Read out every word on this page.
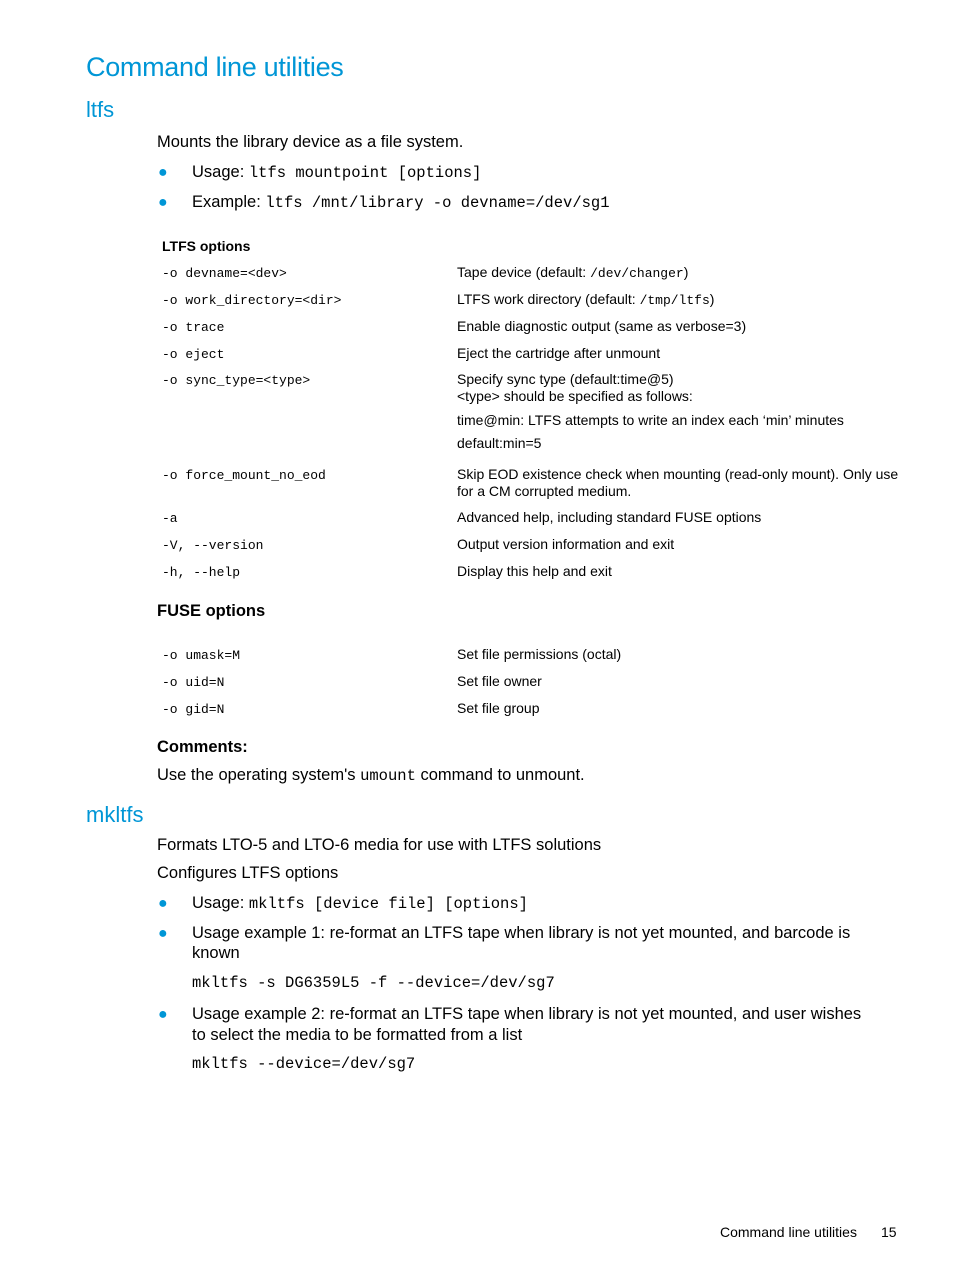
Command line utilities
ltfs
Mounts the library device as a file system.
● Usage: ltfs mountpoint [options]
● Example: ltfs /mnt/library -o devname=/dev/sg1
LTFS options
-o devname=<dev>	Tape device (default: /dev/changer)
-o work_directory=<dir>	LTFS work directory (default: /tmp/ltfs)
-o trace	Enable diagnostic output (same as verbose=3)
-o eject	Eject the cartridge after unmount
-o sync_type=<type>	Specify sync type (default:time@5)
<type> should be specified as follows:
time@min: LTFS attempts to write an index each ‘min’ minutes
default:min=5
-o force_mount_no_eod	Skip EOD existence check when mounting (read-only mount). Only use
for a CM corrupted medium.
-a	Advanced help, including standard FUSE options
-V, --version	Output version information and exit
-h, --help	Display this help and exit
FUSE options
-o umask=M	Set file permissions (octal)
-o uid=N	Set file owner
-o gid=N	Set file group
Comments:
Use the operating system's umount command to unmount.
mkltfs
Formats LTO-5 and LTO-6 media for use with LTFS solutions
Configures LTFS options
● Usage: mkltfs [device file] [options]
● Usage example 1: re-format an LTFS tape when library is not yet mounted, and barcode is
known
mkltfs -s DG6359L5 -f --device=/dev/sg7
● Usage example 2: re-format an LTFS tape when library is not yet mounted, and user wishes
to select the media to be formatted from a list
mkltfs --device=/dev/sg7
Command line utilities 15
